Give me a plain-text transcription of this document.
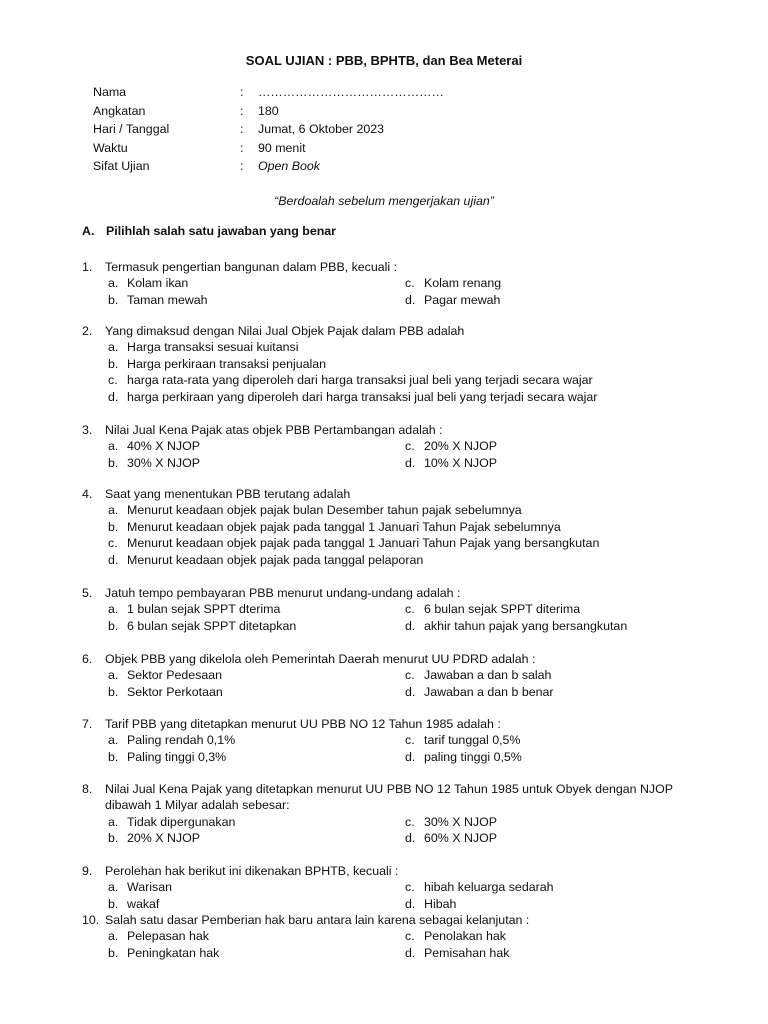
SOAL UJIAN : PBB, BPHTB, dan Bea Meterai
Nama	:	………………………………………
Angkatan	:	180
Hari / Tanggal	:	Jumat, 6 Oktober 2023
Waktu	:	90 menit
Sifat Ujian	:	Open Book
“Berdoalah sebelum mengerjakan ujian”
A. Pilihlah salah satu jawaban yang benar
1.	Termasuk pengertian bangunan dalam PBB, kecuali :
a. Kolam ikan	c. Kolam renang
b. Taman mewah	d. Pagar mewah
2.	Yang dimaksud dengan Nilai Jual Objek Pajak dalam PBB adalah
a. Harga transaksi sesuai kuitansi
b. Harga perkiraan transaksi penjualan
c. harga rata-rata yang diperoleh dari harga transaksi jual beli yang terjadi secara wajar
d. harga perkiraan yang diperoleh dari harga transaksi jual beli yang terjadi secara wajar
3.	Nilai Jual Kena Pajak atas objek PBB Pertambangan adalah :
a. 40% X NJOP	c. 20% X NJOP
b. 30% X NJOP	d. 10% X NJOP
4.	Saat yang menentukan PBB terutang adalah
a. Menurut keadaan objek pajak bulan Desember tahun pajak sebelumnya
b. Menurut keadaan objek pajak pada tanggal 1 Januari Tahun Pajak sebelumnya
c. Menurut keadaan objek pajak pada tanggal 1 Januari Tahun Pajak yang bersangkutan
d. Menurut keadaan objek pajak pada tanggal pelaporan
5.	Jatuh tempo pembayaran PBB menurut undang-undang adalah :
a. 1 bulan sejak SPPT dterima	c. 6 bulan sejak SPPT diterima
b. 6 bulan sejak SPPT ditetapkan	d. akhir tahun pajak yang bersangkutan
6.	Objek PBB yang dikelola oleh Pemerintah Daerah menurut UU PDRD adalah :
a. Sektor Pedesaan	c. Jawaban a dan b salah
b. Sektor Perkotaan	d. Jawaban a dan b benar
7.	Tarif PBB yang ditetapkan menurut UU PBB NO 12 Tahun 1985 adalah :
a. Paling rendah 0,1%	c. tarif tunggal 0,5%
b. Paling tinggi 0,3%	d. paling tinggi 0,5%
8.	Nilai Jual Kena Pajak yang ditetapkan menurut UU PBB NO 12 Tahun 1985 untuk Obyek dengan NJOP dibawah 1 Milyar adalah sebesar:
a. Tidak dipergunakan	c. 30% X NJOP
b. 20% X NJOP	d. 60% X NJOP
9.	Perolehan hak berikut ini dikenakan BPHTB, kecuali :
a. Warisan	c. hibah keluarga sedarah
b. wakaf	d. Hibah
10. Salah satu dasar Pemberian hak baru antara lain karena sebagai kelanjutan :
a. Pelepasan hak	c. Penolakan hak
b. Peningkatan hak	d. Pemisahan hak
